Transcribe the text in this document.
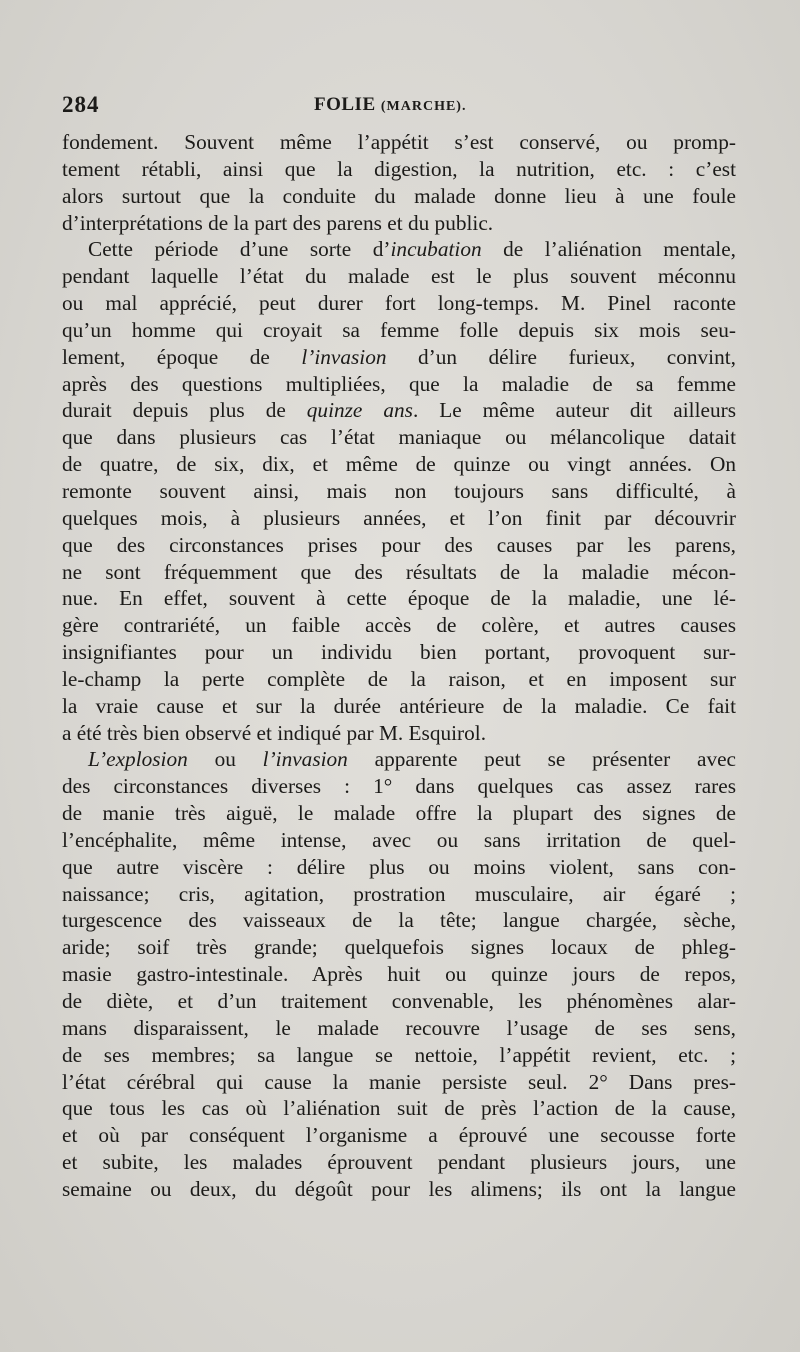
284	FOLIE (MARCHE).
fondement. Souvent même l’appétit s’est conservé, ou promp-
tement rétabli, ainsi que la digestion, la nutrition, etc. : c’est
alors surtout que la conduite du malade donne lieu à une foule
d’interprétations de la part des parens et du public.
Cette période d’une sorte d’incubation de l’aliénation mentale,
pendant laquelle l’état du malade est le plus souvent méconnu
ou mal apprécié, peut durer fort long-temps. M. Pinel raconte
qu’un homme qui croyait sa femme folle depuis six mois seu-
lement, époque de l’invasion d’un délire furieux, convint,
après des questions multipliées, que la maladie de sa femme
durait depuis plus de quinze ans. Le même auteur dit ailleurs
que dans plusieurs cas l’état maniaque ou mélancolique datait
de quatre, de six, dix, et même de quinze ou vingt années. On
remonte souvent ainsi, mais non toujours sans difficulté, à
quelques mois, à plusieurs années, et l’on finit par découvrir
que des circonstances prises pour des causes par les parens,
ne sont fréquemment que des résultats de la maladie mécon-
nue. En effet, souvent à cette époque de la maladie, une lé-
gère contrariété, un faible accès de colère, et autres causes
insignifiantes pour un individu bien portant, provoquent sur-
le-champ la perte complète de la raison, et en imposent sur
la vraie cause et sur la durée antérieure de la maladie. Ce fait
a été très bien observé et indiqué par M. Esquirol.
L’explosion ou l’invasion apparente peut se présenter avec
des circonstances diverses : 1° dans quelques cas assez rares
de manie très aiguë, le malade offre la plupart des signes de
l’encéphalite, même intense, avec ou sans irritation de quel-
que autre viscère : délire plus ou moins violent, sans con-
naissance; cris, agitation, prostration musculaire, air égaré ;
turgescence des vaisseaux de la tête; langue chargée, sèche,
aride; soif très grande; quelquefois signes locaux de phleg-
masie gastro-intestinale. Après huit ou quinze jours de repos,
de diète, et d’un traitement convenable, les phénomènes alar-
mans disparaissent, le malade recouvre l’usage de ses sens,
de ses membres; sa langue se nettoie, l’appétit revient, etc. ;
l’état cérébral qui cause la manie persiste seul. 2° Dans pres-
que tous les cas où l’aliénation suit de près l’action de la cause,
et où par conséquent l’organisme a éprouvé une secousse forte
et subite, les malades éprouvent pendant plusieurs jours, une
semaine ou deux, du dégoût pour les alimens; ils ont la langue
